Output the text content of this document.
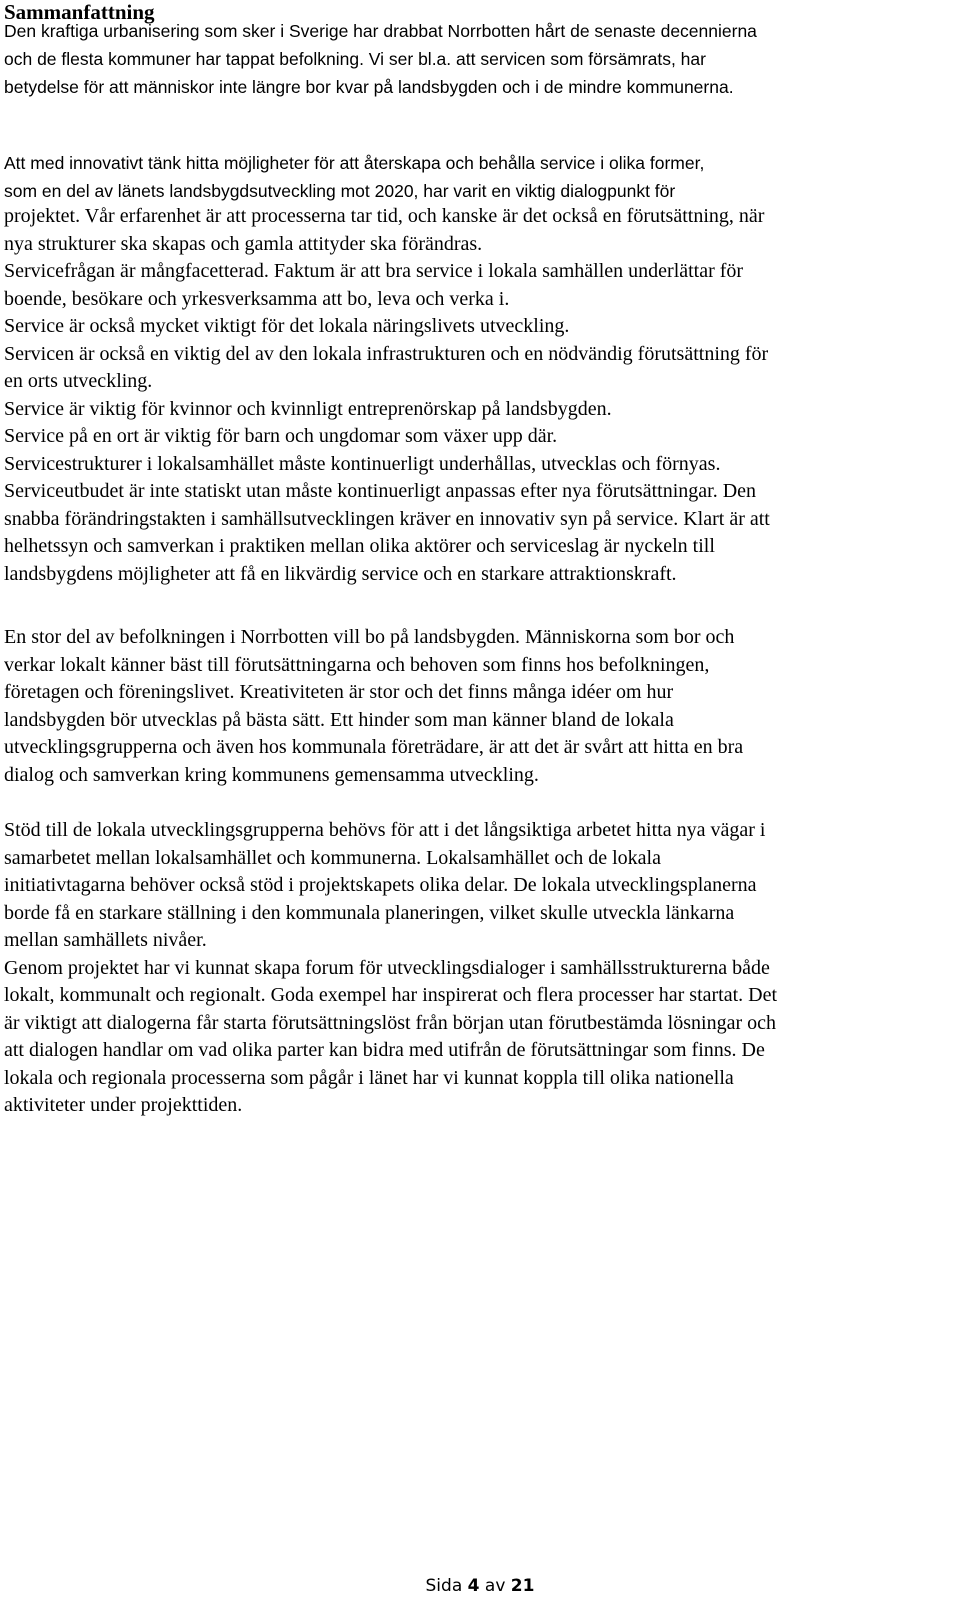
Sammanfattning
Den kraftiga urbanisering som sker i Sverige har drabbat Norrbotten hårt de senaste decennierna
och de flesta kommuner har tappat befolkning. Vi ser bl.a. att servicen som försämrats, har
betydelse för att människor inte längre bor kvar på landsbygden och i de mindre kommunerna.
Att med innovativt tänk hitta möjligheter för att återskapa och behålla service i olika former,
som en del av länets landsbygdsutveckling mot 2020, har varit en viktig dialogpunkt för
projektet. Vår erfarenhet är att processerna tar tid, och kanske är det också en förutsättning, när
nya strukturer ska skapas och gamla attityder ska förändras.
Servicefrågan är mångfacetterad. Faktum är att bra service i lokala samhällen underlättar för
boende, besökare och yrkesverksamma att bo, leva och verka i.
Service är också mycket viktigt för det lokala näringslivets utveckling.
Servicen är också en viktig del av den lokala infrastrukturen och en nödvändig förutsättning för
en orts utveckling.
Service är viktig för kvinnor och kvinnligt entreprenörskap på landsbygden.
Service på en ort är viktig för barn och ungdomar som växer upp där.
Servicestrukturer i lokalsamhället måste kontinuerligt underhållas, utvecklas och förnyas.
Serviceutbudet är inte statiskt utan måste kontinuerligt anpassas efter nya förutsättningar. Den
snabba förändringstakten i samhällsutvecklingen kräver en innovativ syn på service. Klart är att
helhetssyn och samverkan i praktiken mellan olika aktörer och serviceslag är nyckeln till
landsbygdens möjligheter att få en likvärdig service och en starkare attraktionskraft.
En stor del av befolkningen i Norrbotten vill bo på landsbygden. Människorna som bor och
verkar lokalt känner bäst till förutsättningarna och behoven som finns hos befolkningen,
företagen och föreningslivet. Kreativiteten är stor och det finns många idéer om hur
landsbygden bör utvecklas på bästa sätt. Ett hinder som man känner bland de lokala
utvecklingsgrupperna och även hos kommunala företrädare, är att det är svårt att hitta en bra
dialog och samverkan kring kommunens gemensamma utveckling.
Stöd till de lokala utvecklingsgrupperna behövs för att i det långsiktiga arbetet hitta nya vägar i
samarbetet mellan lokalsamhället och kommunerna. Lokalsamhället och de lokala
initiativtagarna behöver också stöd i projektskapets olika delar. De lokala utvecklingsplanerna
borde få en starkare ställning i den kommunala planeringen, vilket skulle utveckla länkarna
mellan samhällets nivåer.
Genom projektet har vi kunnat skapa forum för utvecklingsdialoger i samhällsstrukturerna både
lokalt, kommunalt och regionalt. Goda exempel har inspirerat och flera processer har startat. Det
är viktigt att dialogerna får starta förutsättningslöst från början utan förutbestämda lösningar och
att dialogen handlar om vad olika parter kan bidra med utifrån de förutsättningar som finns. De
lokala och regionala processerna som pågår i länet har vi kunnat koppla till olika nationella
aktiviteter under projekttiden.
Sida 4 av 21
